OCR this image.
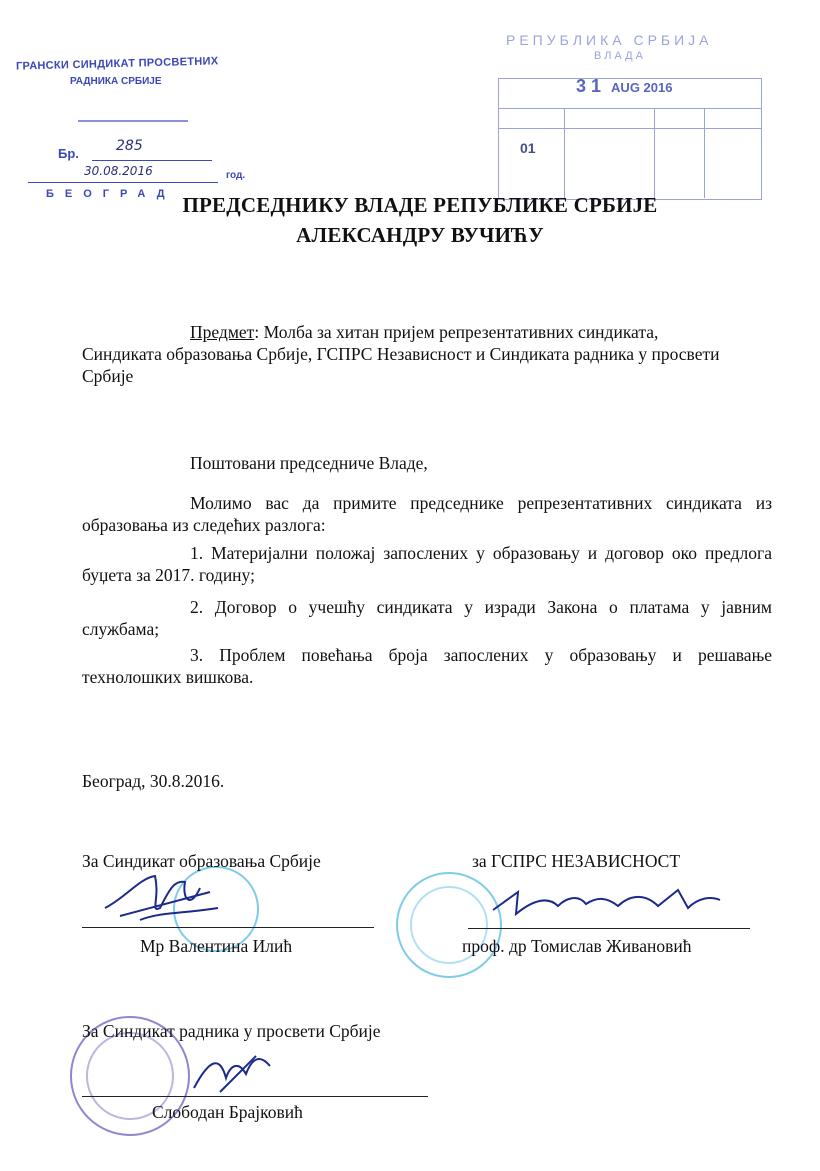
ГРАНСКИ СИНДИКАТ ПРОСВЕТНИХ
РАДНИКА СРБИЈЕ
Бр.	285
30.08.2016	год.
БЕОГРАД
РЕПУБЛИКА СРБИЈА
ВЛАДА
3 1 AUG 2016
01
ПРЕДСЕДНИКУ ВЛАДЕ РЕПУБЛИКЕ СРБИЈЕ
АЛЕКСАНДРУ ВУЧИЋУ
Предмет: Молба за хитан пријем репрезентативних синдиката,
Синдиката образовања Србије, ГСПРС Независност и Синдиката радника у просвети Србије
Поштовани председниче Владе,
Молимо вас да примите председнике репрезентативних синдиката из образовања из следећих разлога:
1. Материјални положај запослених у образовању и договор око предлога буџета за 2017. годину;
2. Договор о учешћу синдиката у изради Закона о платама у јавним службама;
3. Проблем повећања броја запослених у образовању и решавање технолошких вишкова.
Београд, 30.8.2016.
За Синдикат образовања Србије
Мр Валентина Илић
за ГСПРС НЕЗАВИСНОСТ
проф. др Томислав Живановић
За Синдикат радника у просвети Србије
Слободан Брајковић
